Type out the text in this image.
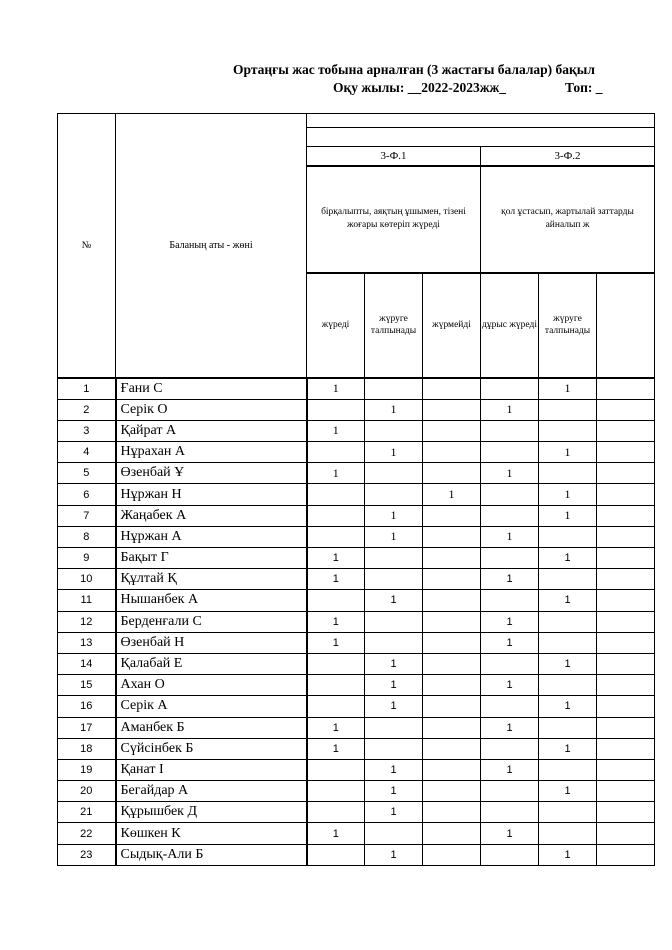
Ортаңғы жас тобына арналған (3 жастағы балалар) бақыл
Оқу жылы: __2022-2023жж_	Топ: _
№	Баланың аты - жөні						

		3-Ф.1			3-Ф.2		
		бірқалыпты, аяқтың ұшымен, тізені жоғары көтеріп жүреді			қол ұстасып, жартылай заттарды айналып ж		
		жүреді	жүруге талпынады	жүрмейді	дұрыс жүреді	жүруге талпынады	
1	Ғани С	1				1	
2	Серік О		1		1		
3	Қайрат А	1					
4	Нұрахан А		1			1	
5	Өзенбай Ұ	1			1		
6	Нұржан Н			1		1	
7	Жаңабек А		1			1	
8	Нұржан А		1		1		
9	Бақыт Г	1				1	
10	Құлтай Қ	1			1		
11	Нышанбек А		1			1	
12	Берденғали С	1			1		
13	Өзенбай Н	1			1		
14	Қалабай Е		1			1	
15	Ахан О		1		1		
16	Серік А		1			1	
17	Аманбек Б	1			1		
18	Сүйсінбек Б	1				1	
19	Қанат І		1		1		
20	Бегайдар А		1			1	
21	Құрышбек Д		1				
22	Көшкен К	1			1		
23	Сыдық-Али Б		1			1	
